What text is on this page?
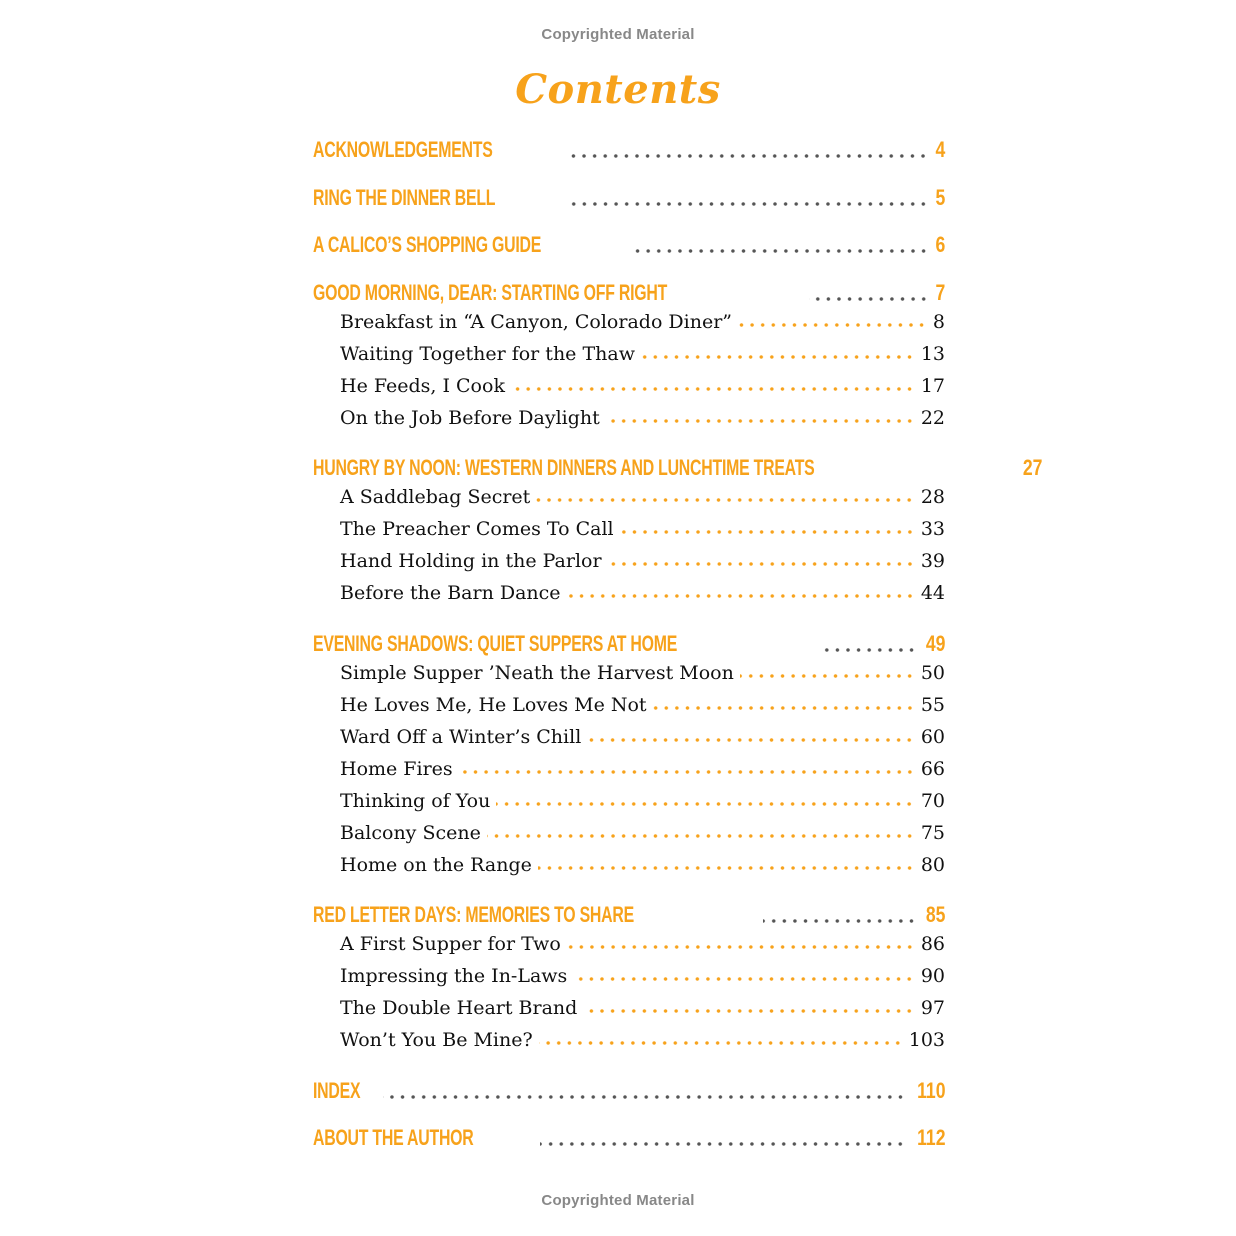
Copyrighted Material
Contents
ACKNOWLEDGEMENTS	4
RING THE DINNER BELL	5
A CALICO’S SHOPPING GUIDE	6
GOOD MORNING, DEAR: STARTING OFF RIGHT	7
Breakfast in “A Canyon, Colorado Diner”	8
Waiting Together for the Thaw	13
He Feeds, I Cook	17
On the Job Before Daylight	22
HUNGRY BY NOON: WESTERN DINNERS AND LUNCHTIME TREATS	27
A Saddlebag Secret	28
The Preacher Comes To Call	33
Hand Holding in the Parlor	39
Before the Barn Dance	44
EVENING SHADOWS: QUIET SUPPERS AT HOME	49
Simple Supper ’Neath the Harvest Moon	50
He Loves Me, He Loves Me Not	55
Ward Off a Winter’s Chill	60
Home Fires	66
Thinking of You	70
Balcony Scene	75
Home on the Range	80
RED LETTER DAYS: MEMORIES TO SHARE	85
A First Supper for Two	86
Impressing the In-Laws	90
The Double Heart Brand	97
Won’t You Be Mine?	103
INDEX	110
ABOUT THE AUTHOR	112
Copyrighted Material
